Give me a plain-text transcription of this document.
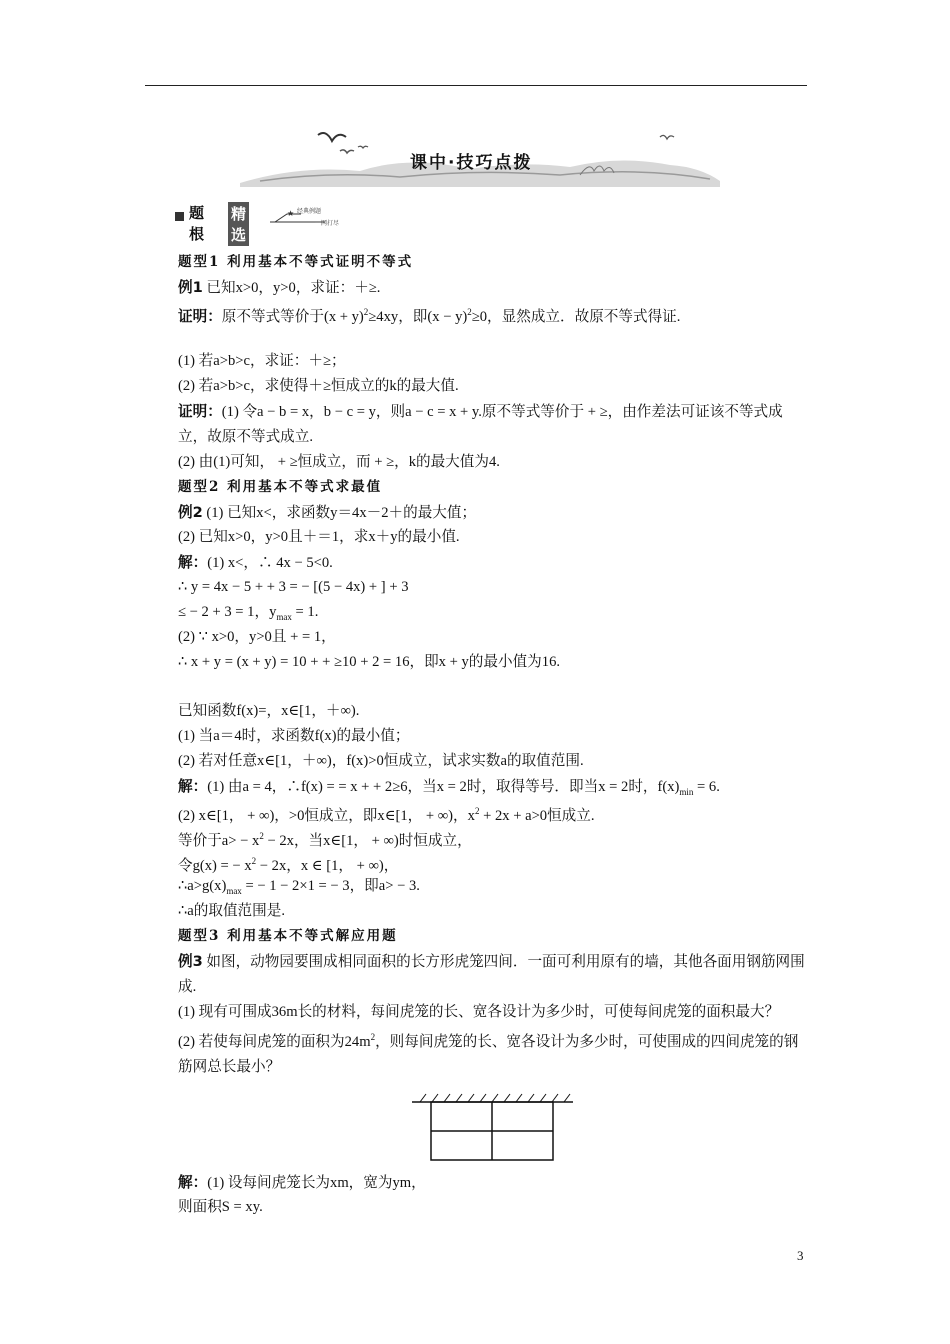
课中·技巧点拨
★
题根
精选
经典例题
一网打尽
题型1 利用基本不等式证明不等式
例1 已知x>0，y>0，求证：＋≥.
证明：原不等式等价于$(x + y)^2\ge 4xy$，即$(x - y)^2\ge 0$，显然成立．故原不等式得证.
(1) 若a>b>c，求证：＋≥；
(2) 若a>b>c，求使得＋≥恒成立的k的最大值.
证明：(1) 令a − b = x，b − c = y，则a − c = x + y.原不等式等价于 + ≥，由作差法可证该不等式成立，故原不等式成立.
(2) 由(1)可知， + ≥恒成立，而 + ≥，k的最大值为4.
题型2 利用基本不等式求最值
例2 (1) 已知x<，求函数y＝4x－2＋的最大值；
(2) 已知x>0，y>0且＋＝1，求x＋y的最小值.
解：(1) x<，∴ 4x − 5<0.
∴ y = 4x − 5 + + 3 = − [(5 − 4x) + ] + 3
≤ − 2 + 3 = 1，$y_{max} = 1$.
(2) ∵ x>0，y>0且 + = 1，
∴ x + y = (x + y) = 10 + + ≥10 + 2 = 16，即x + y的最小值为16.
已知函数f(x)=，x∈[1，＋∞).
(1) 当a＝4时，求函数f(x)的最小值；
(2) 若对任意x∈[1，＋∞)，f(x)>0恒成立，试求实数a的取值范围.
解：(1) 由a = 4，∴f(x) = = x + + 2≥6，当x = 2时，取得等号．即当x = 2时，$f(x)_{min} = 6$.
(2) x∈[1， + ∞)，>0恒成立，即x∈[1， + ∞)，$x^2 + 2x + a>0$恒成立.
等价于$a> - x^2 - 2x$，当x∈[1， + ∞)时恒成立，
令g(x) = − $x^2 - 2x$，x ∈ [1， + ∞)，
$\therefore a>g(x)_{max}$ = − 1 − 2×1 = − 3，即a> − 3.
∴a的取值范围是.
题型3 利用基本不等式解应用题
例3 如图，动物园要围成相同面积的长方形虎笼四间．一面可利用原有的墙，其他各面用钢筋网围成.
(1) 现有可围成36m长的材料，每间虎笼的长、宽各设计为多少时，可使每间虎笼的面积最大？
(2) 若使每间虎笼的面积为$24m^2$，则每间虎笼的长、宽各设计为多少时，可使围成的四间虎笼的钢筋网总长最小？
解：(1) 设每间虎笼长为xm，宽为ym，
则面积S = xy.
3
